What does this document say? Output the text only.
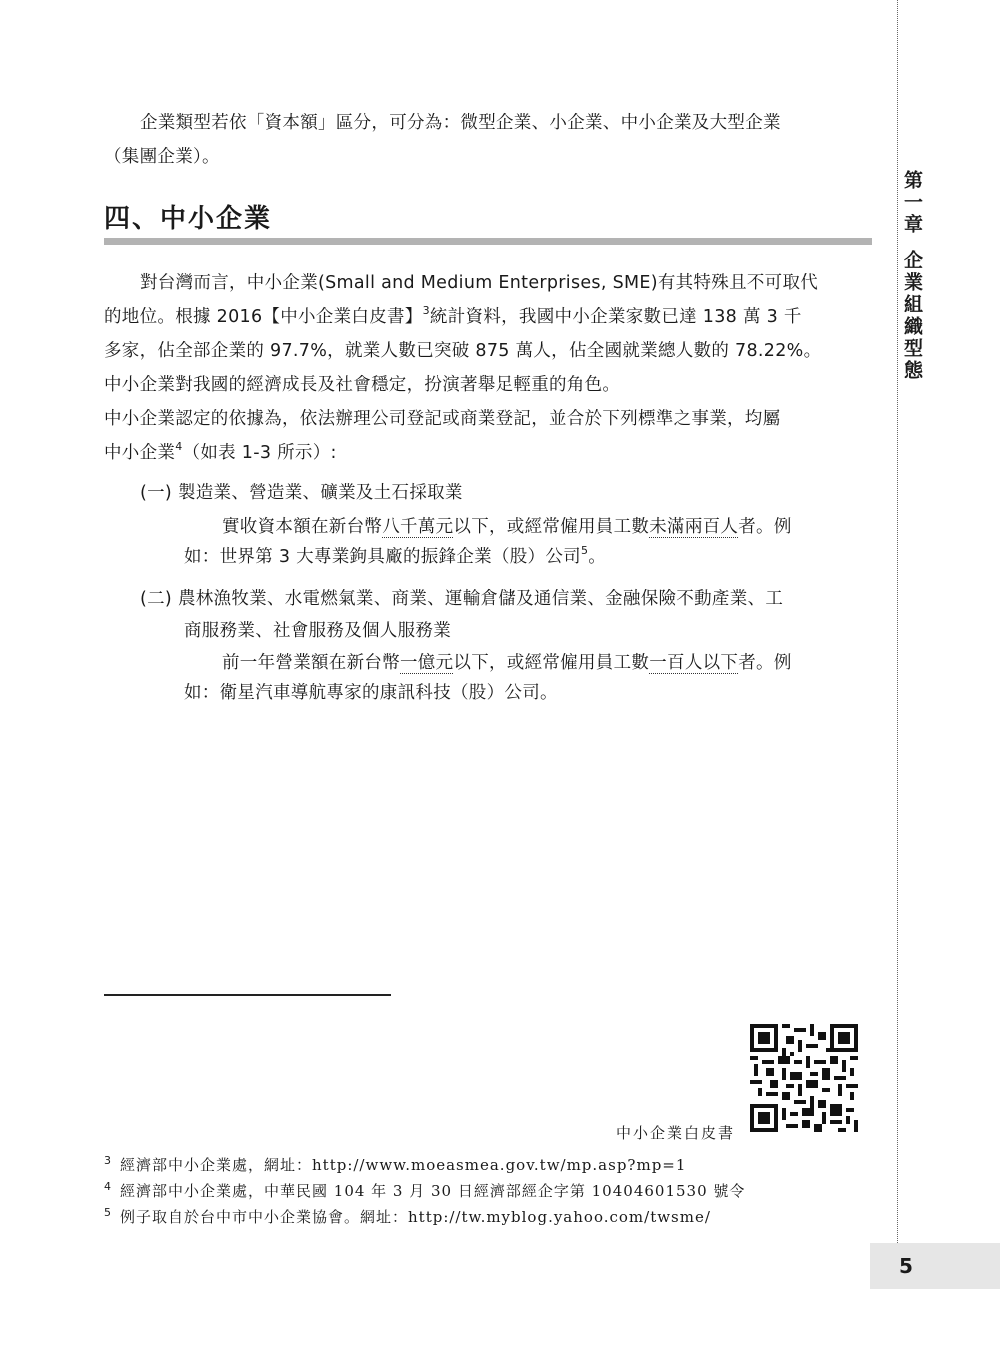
第一章企業組織型態
5
企業類型若依「資本額」區分，可分為：微型企業、小企業、中小企業及大型企業
（集團企業）。
四、中小企業
對台灣而言，中小企業(Small and Medium Enterprises, SME)有其特殊且不可取代
的地位。根據 2016【中小企業白皮書】$^3$統計資料，我國中小企業家數已達 138 萬 3 千
多家，佔全部企業的 97.7%，就業人數已突破 875 萬人，佔全國就業總人數的 78.22%。
中小企業對我國的經濟成長及社會穩定，扮演著舉足輕重的角色。
中小企業認定的依據為，依法辦理公司登記或商業登記，並合於下列標準之事業，均屬
中小企業$^4$（如表 1-3 所示）:
(一) 製造業、營造業、礦業及土石採取業
實收資本額在新台幣八千萬元以下，或經常僱用員工數未滿兩百人者。例
如：世界第 3 大專業鉤具廠的振鋒企業（股）公司$^5$。
(二) 農林漁牧業、水電燃氣業、商業、運輸倉儲及通信業、金融保險不動產業、工
商服務業、社會服務及個人服務業
前一年營業額在新台幣一億元以下，或經常僱用員工數一百人以下者。例
如：衛星汽車導航專家的康訊科技（股）公司。
中小企業白皮書
3 經濟部中小企業處，網址：http://www.moeasmea.gov.tw/mp.asp?mp=1
4 經濟部中小企業處，中華民國 104 年 3 月 30 日經濟部經企字第 10404601530 號令
5 例子取自於台中市中小企業協會。網址：http://tw.myblog.yahoo.com/twsme/
